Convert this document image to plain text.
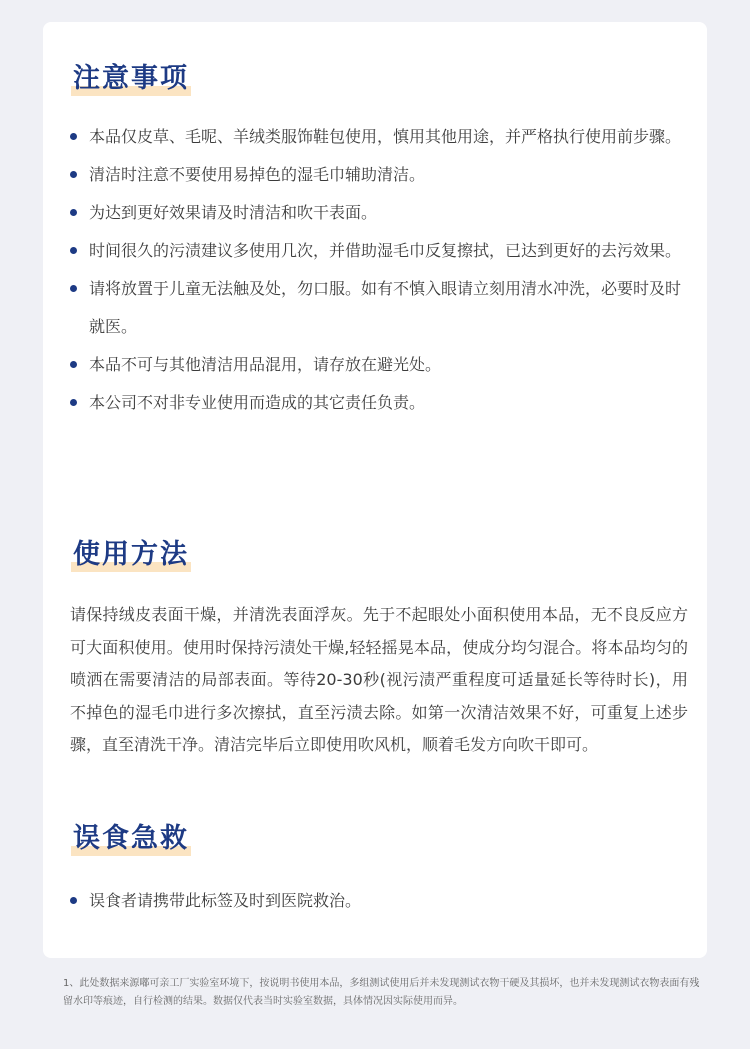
注意事项
本品仅皮草、毛呢、羊绒类服饰鞋包使用，慎用其他用途，并严格执行使用前步骤。
清洁时注意不要使用易掉色的湿毛巾辅助清洁。
为达到更好效果请及时清洁和吹干表面。
时间很久的污渍建议多使用几次，并借助湿毛巾反复擦拭，已达到更好的去污效果。
请将放置于儿童无法触及处，勿口服。如有不慎入眼请立刻用清水冲洗，必要时及时就医。
本品不可与其他清洁用品混用，请存放在避光处。
本公司不对非专业使用而造成的其它责任负责。
使用方法

请保持绒皮表面干燥，并清洗表面浮灰。先于不起眼处小面积使用本品，无不良反应方可大面积使用。使用时保持污渍处干燥,轻轻摇晃本品，使成分均匀混合。将本品均匀的喷洒在需要清洁的局部表面。等待20-30秒(视污渍严重程度可适量延长等待时长)，用不掉色的湿毛巾进行多次擦拭，直至污渍去除。如第一次清洁效果不好，可重复上述步骤，直至清洗干净。清洁完毕后立即使用吹风机，顺着毛发方向吹干即可。

误食急救
误食者请携带此标签及时到医院救治。

1、此处数据来源嘟可亲工厂实验室环境下，按说明书使用本品，多组测试使用后并未发现测试衣物干硬及其损坏，也并未发现测试衣物表面有残留水印等痕迹，自行检测的结果。数据仅代表当时实验室数据，具体情况因实际使用而异。
